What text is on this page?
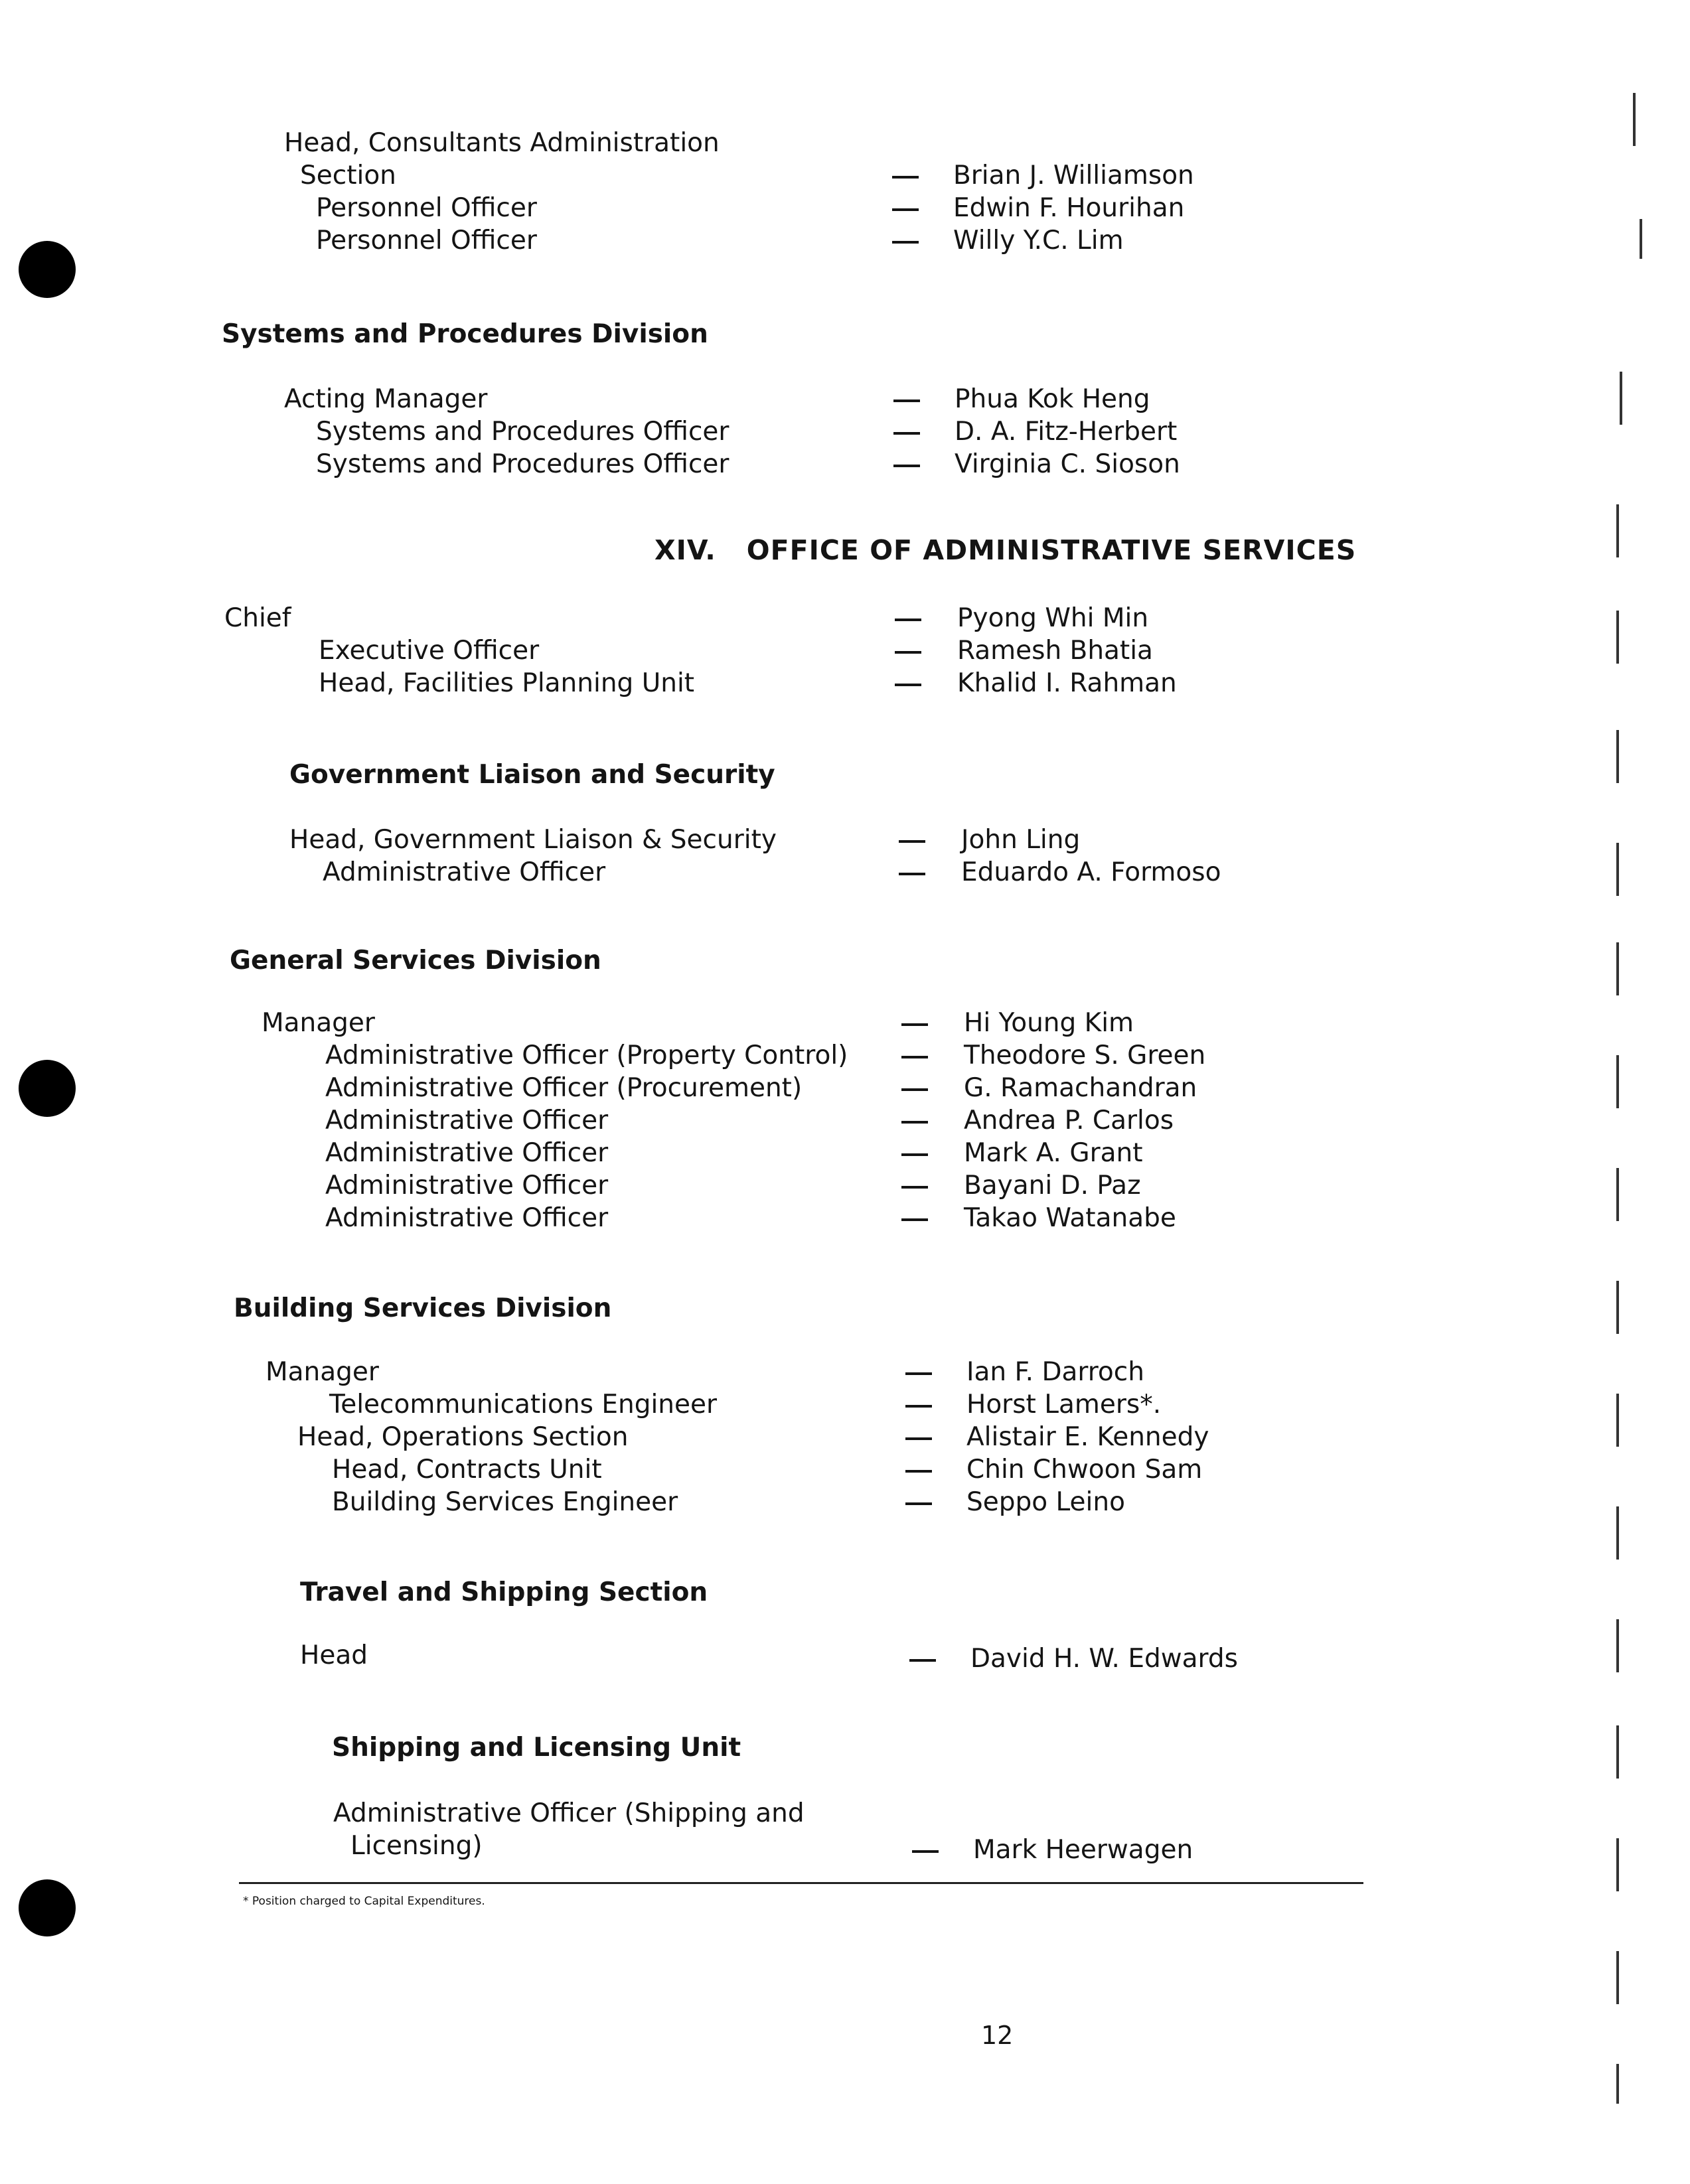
Head, Consultants Administration
Section	Brian J. Williamson
Personnel Officer	Edwin F. Hourihan
Personnel Officer	Willy Y.C. Lim
Systems and Procedures Division
Acting Manager	Phua Kok Heng
Systems and Procedures Officer	D. A. Fitz-Herbert
Systems and Procedures Officer	Virginia C. Sioson
XIV.   OFFICE OF ADMINISTRATIVE SERVICES
Chief	Pyong Whi Min
Executive Officer	Ramesh Bhatia
Head, Facilities Planning Unit	Khalid I. Rahman
Government Liaison and Security
Head, Government Liaison & Security	John Ling
Administrative Officer	Eduardo A. Formoso
General Services Division
Manager	Hi Young Kim
Administrative Officer (Property Control)	Theodore S. Green
Administrative Officer (Procurement)	G. Ramachandran
Administrative Officer	Andrea P. Carlos
Administrative Officer	Mark A. Grant
Administrative Officer	Bayani D. Paz
Administrative Officer	Takao Watanabe
Building Services Division
Manager	Ian F. Darroch
Telecommunications Engineer	Horst Lamers*.
Head, Operations Section	Alistair E. Kennedy
Head, Contracts Unit	Chin Chwoon Sam
Building Services Engineer	Seppo Leino
Travel and Shipping Section
Head	David H. W. Edwards
Shipping and Licensing Unit
Administrative Officer (Shipping and
Licensing)	Mark Heerwagen
* Position charged to Capital Expenditures.
12
